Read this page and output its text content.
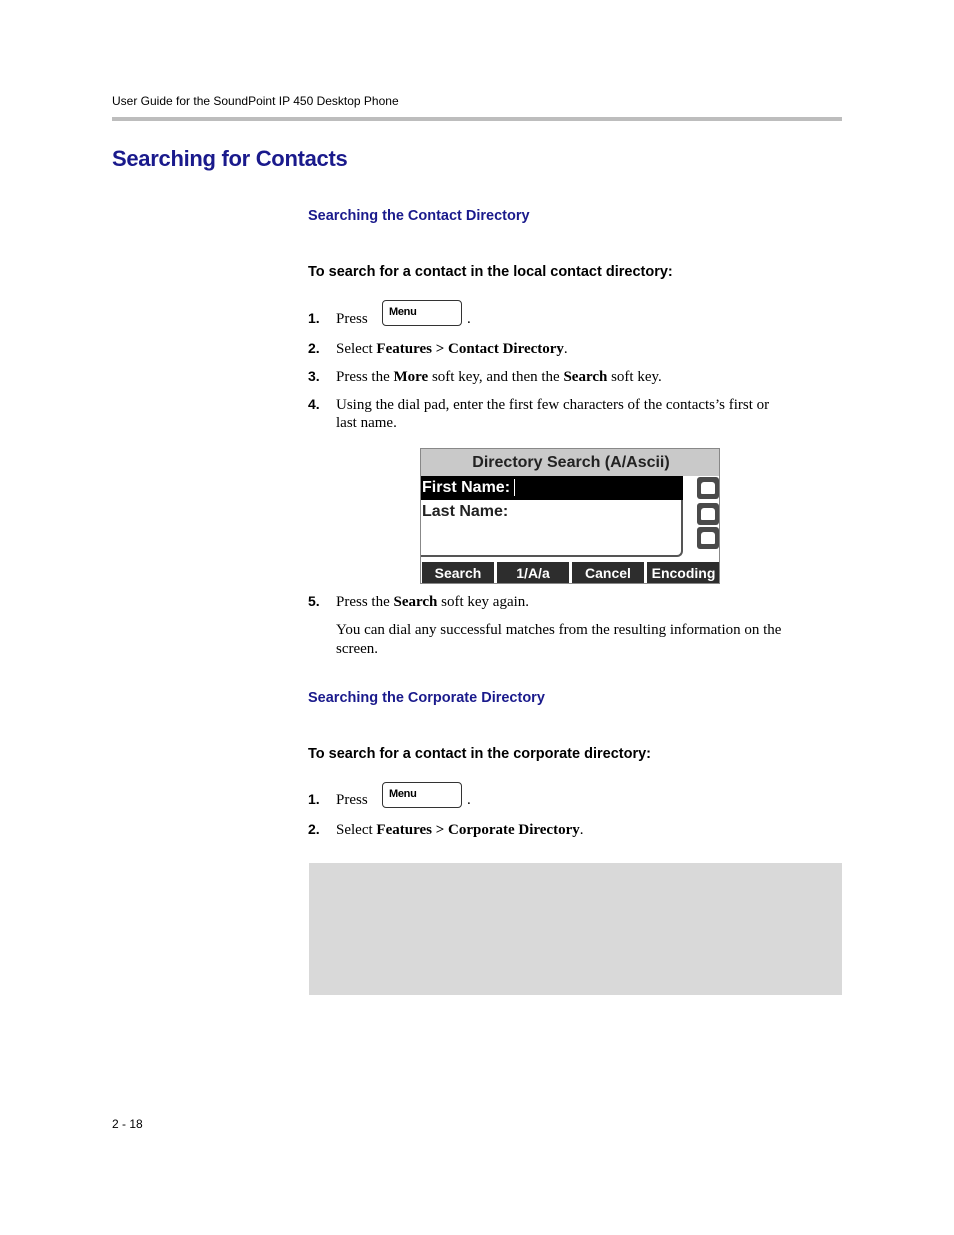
User Guide for the SoundPoint IP 450 Desktop Phone
Searching for Contacts
Searching the Contact Directory
To search for a contact in the local contact directory:
1. Press Menu	.
2. Select Features > Contact Directory.
3. Press the More soft key, and then the Search soft key.
4. Using the dial pad, enter the first few characters of the contacts’s first or
last name.
Directory Search (A/Ascii)
First Name:
Last Name:
Search	1/A/a	Cancel	Encoding
5. Press the Search soft key again.
You can dial any successful matches from the resulting information on the
screen.
Searching the Corporate Directory
To search for a contact in the corporate directory:
1. Press Menu	.
2. Select Features > Corporate Directory.
2 - 18
